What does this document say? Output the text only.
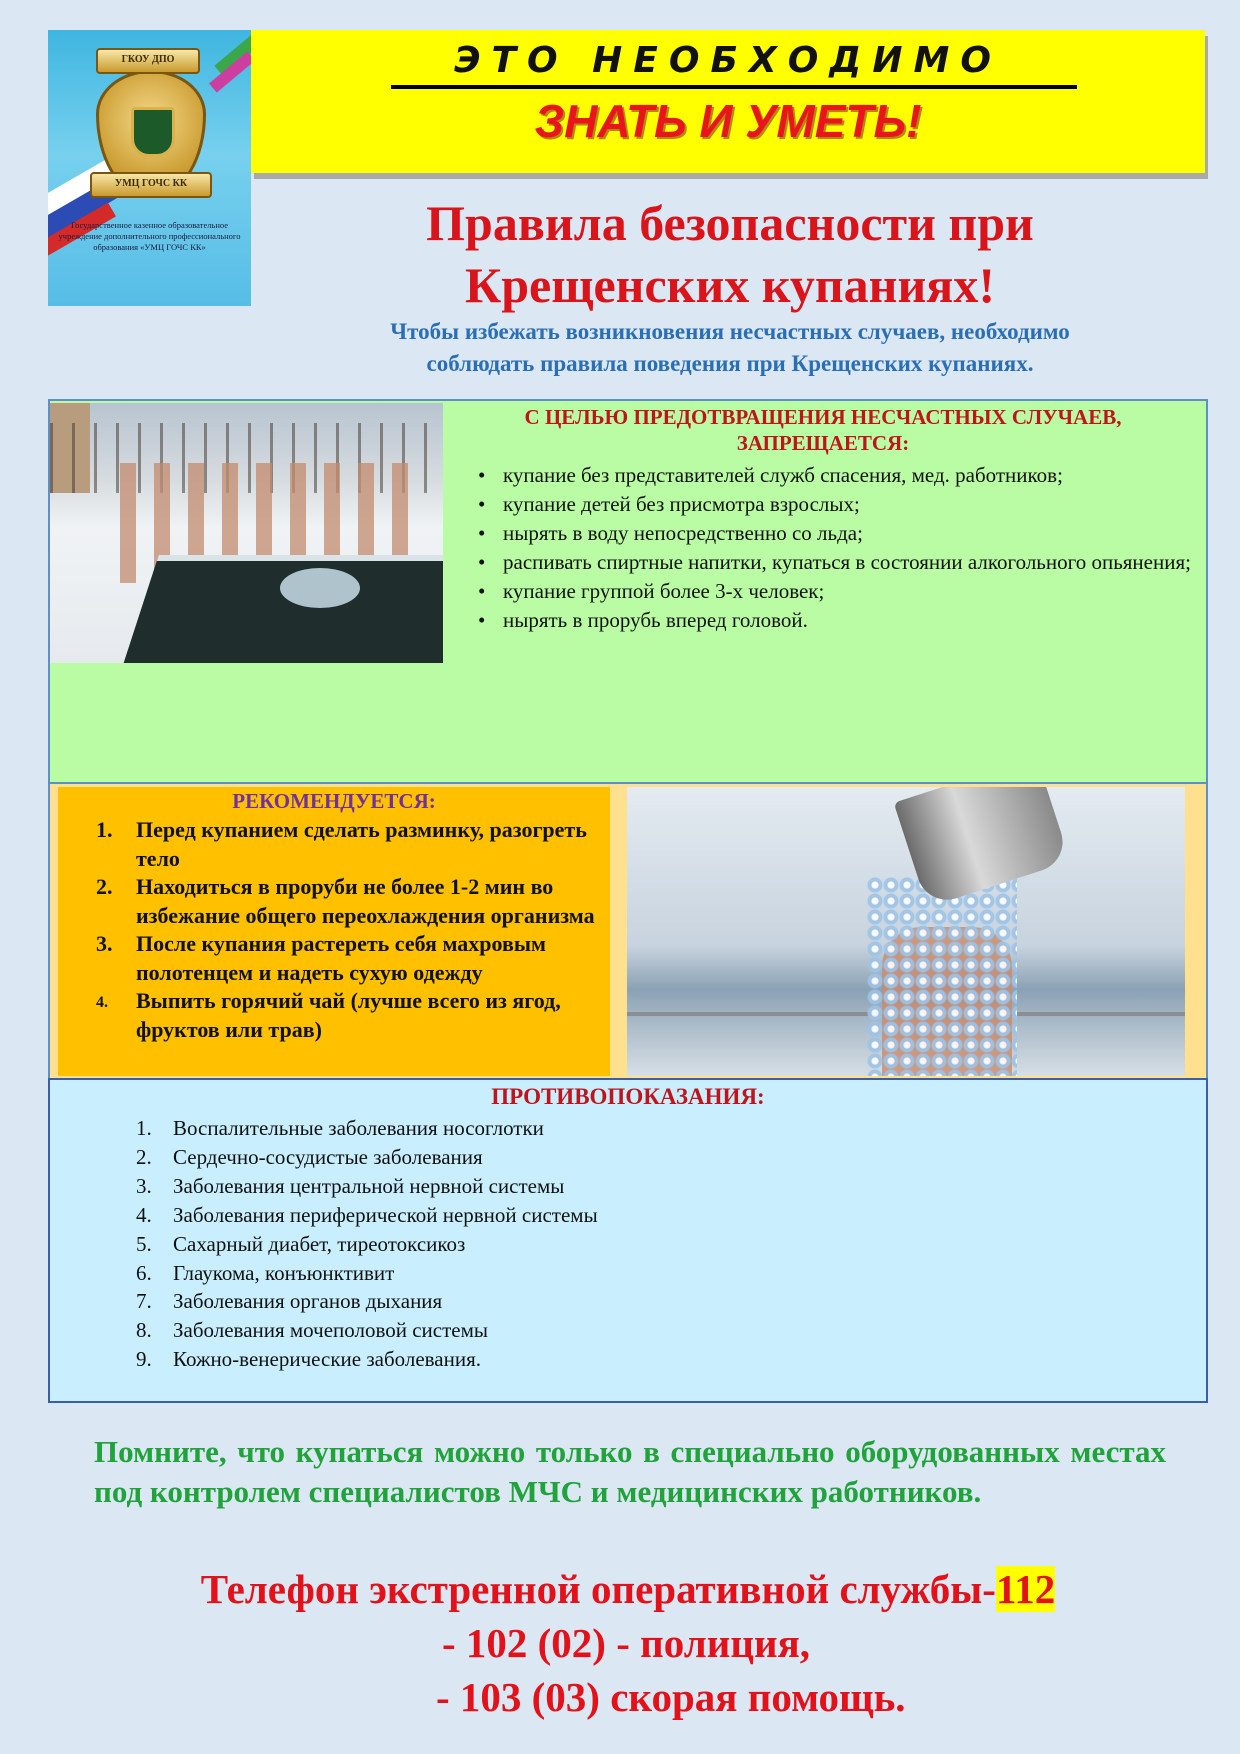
ГКОУ ДПО
УМЦ ГОЧС КК
Государственное казенное образовательное учреждение дополнительного профессионального образования «УМЦ ГОЧС КК»
ЭТО НЕОБХОДИМО
ЗНАТЬ И УМЕТЬ!
Правила безопасности при
Крещенских купаниях!
Чтобы избежать возникновения несчастных случаев, необходимо
соблюдать правила поведения при Крещенских купаниях.
С ЦЕЛЬЮ ПРЕДОТВРАЩЕНИЯ НЕСЧАСТНЫХ СЛУЧАЕВ,
ЗАПРЕЩАЕТСЯ:
• купание без представителей служб спасения, мед. работников;
• купание детей без присмотра взрослых;
• нырять в воду непосредственно со льда;
• распивать спиртные напитки, купаться в состоянии алкогольного опьянения;
• купание группой более 3-х человек;
• нырять в прорубь вперед головой.
РЕКОМЕНДУЕТСЯ:
1. Перед купанием сделать разминку, разогреть тело
2. Находиться в проруби не более 1-2 мин во избежание общего переохлаждения организма
3. После купания растереть себя махровым полотенцем и надеть сухую одежду
4. Выпить горячий чай (лучше всего из ягод, фруктов или трав)
ПРОТИВОПОКАЗАНИЯ:
1. Воспалительные заболевания носоглотки
2. Сердечно-сосудистые заболевания
3. Заболевания центральной нервной системы
4. Заболевания периферической нервной системы
5. Сахарный диабет, тиреотоксикоз
6. Глаукома, конъюнктивит
7. Заболевания органов дыхания
8. Заболевания мочеполовой системы
9. Кожно-венерические заболевания.
Помните, что купаться можно только в специально оборудованных местах под контролем специалистов МЧС и медицинских работников.
Телефон экстренной оперативной службы-112
- 102 (02) - полиция,
- 103 (03) скорая помощь.
